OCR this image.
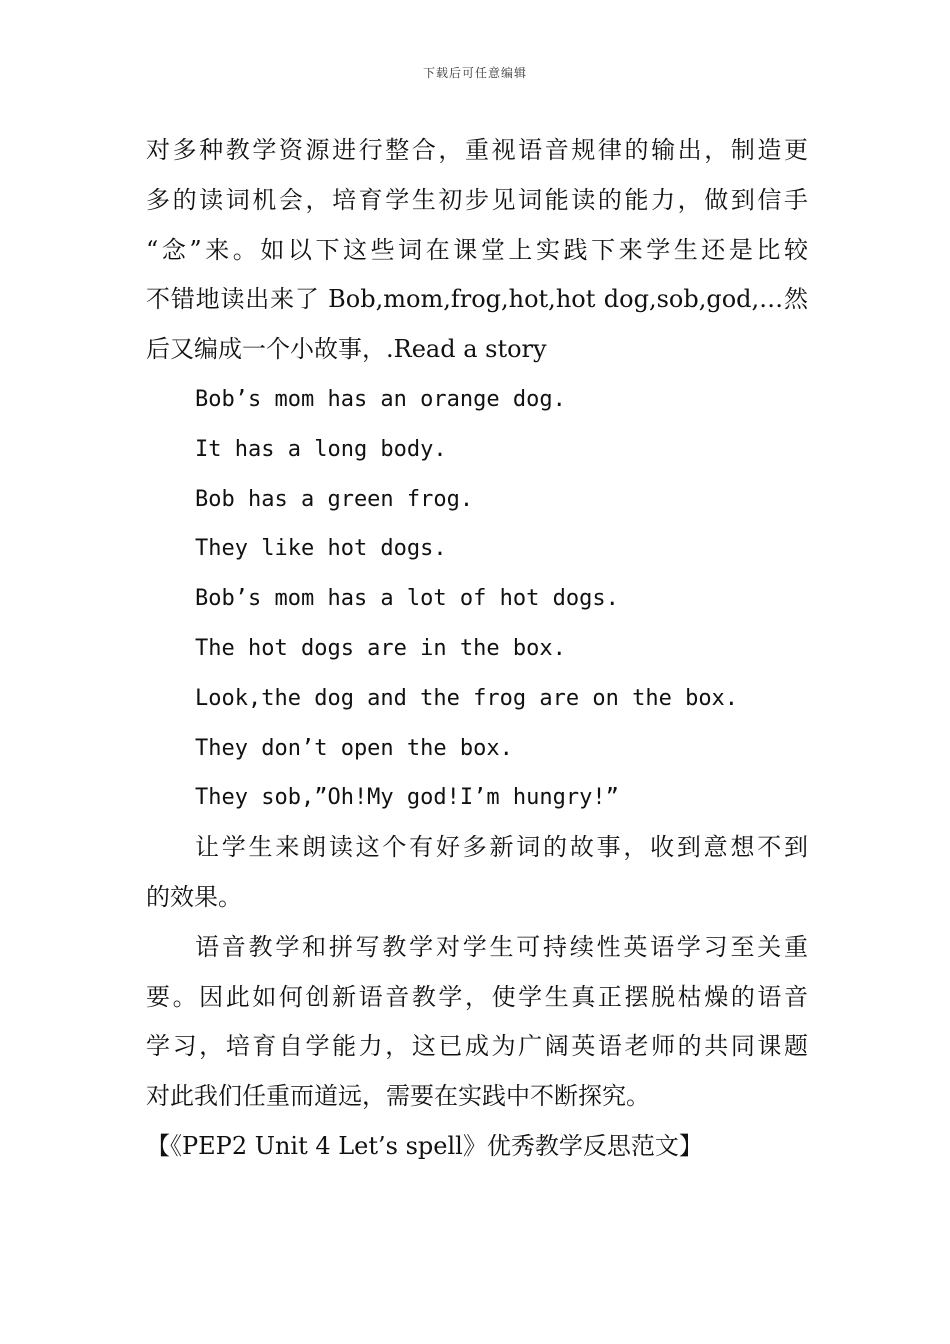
下载后可任意编辑
对多种教学资源进行整合，重视语音规律的输出，制造更
多的读词机会，培育学生初步见词能读的能力，做到信手
“念”来。如以下这些词在课堂上实践下来学生还是比较
不错地读出来了 Bob,mom,frog,hot,hot dog,sob,god,…然
后又编成一个小故事，.Read a story
Bob’s mom has an orange dog.
It has a long body.
Bob has a green frog.
They like hot dogs.
Bob’s mom has a lot of hot dogs.
The hot dogs are in the box.
Look,the dog and the frog are on the box.
They don’t open the box.
They sob,”Oh!My god!I’m hungry!”
让学生来朗读这个有好多新词的故事，收到意想不到
的效果。
语音教学和拼写教学对学生可持续性英语学习至关重
要。因此如何创新语音教学，使学生真正摆脱枯燥的语音
学习，培育自学能力，这已成为广阔英语老师的共同课题
对此我们任重而道远，需要在实践中不断探究。
【《PEP2 Unit 4 Let’s spell》优秀教学反思范文】
